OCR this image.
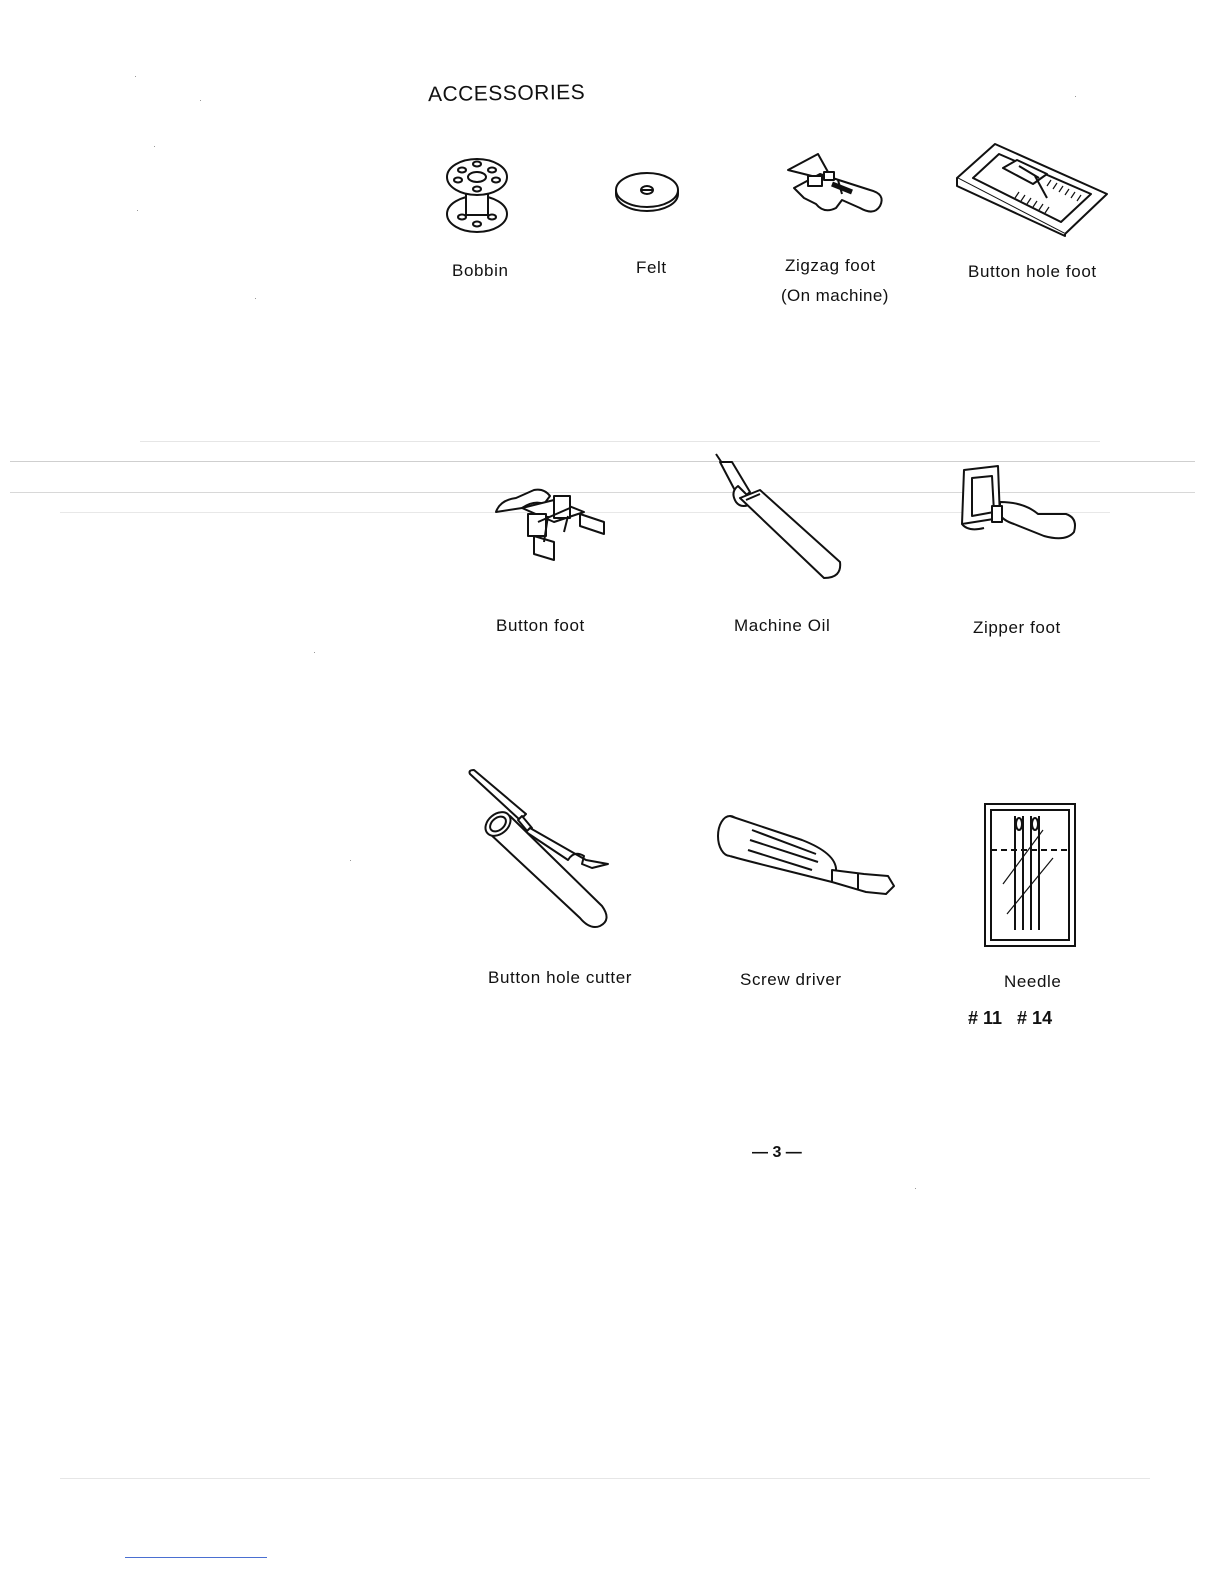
ACCESSORIES
Bobbin	Felt	Zigzag foot
(On machine)
Button hole foot
Button foot	Machine Oil	Zipper foot
Button hole cutter	Screw driver	Needle
# 11   # 14
— 3 —
